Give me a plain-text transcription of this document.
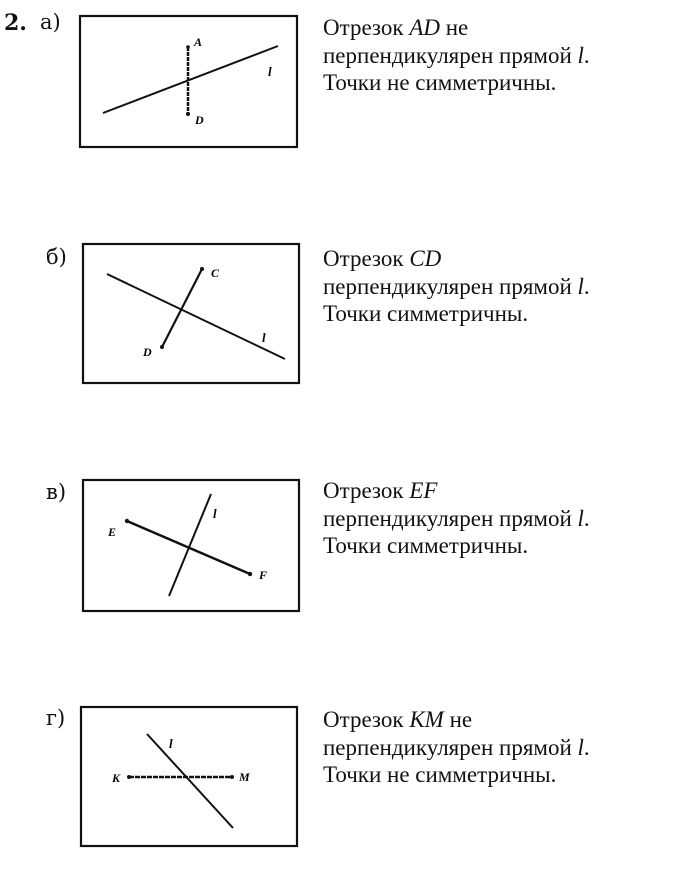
2. а)
б)
в)
г)
A
D
l
C
D
l
E
F
l
K	M
l
Отрезок AD не
перпендикулярен прямой l.
Точки не симметричны.
Отрезок CD
перпендикулярен прямой l.
Точки симметричны.
Отрезок EF
перпендикулярен прямой l.
Точки симметричны.
Отрезок KM не
перпендикулярен прямой l.
Точки не симметричны.
